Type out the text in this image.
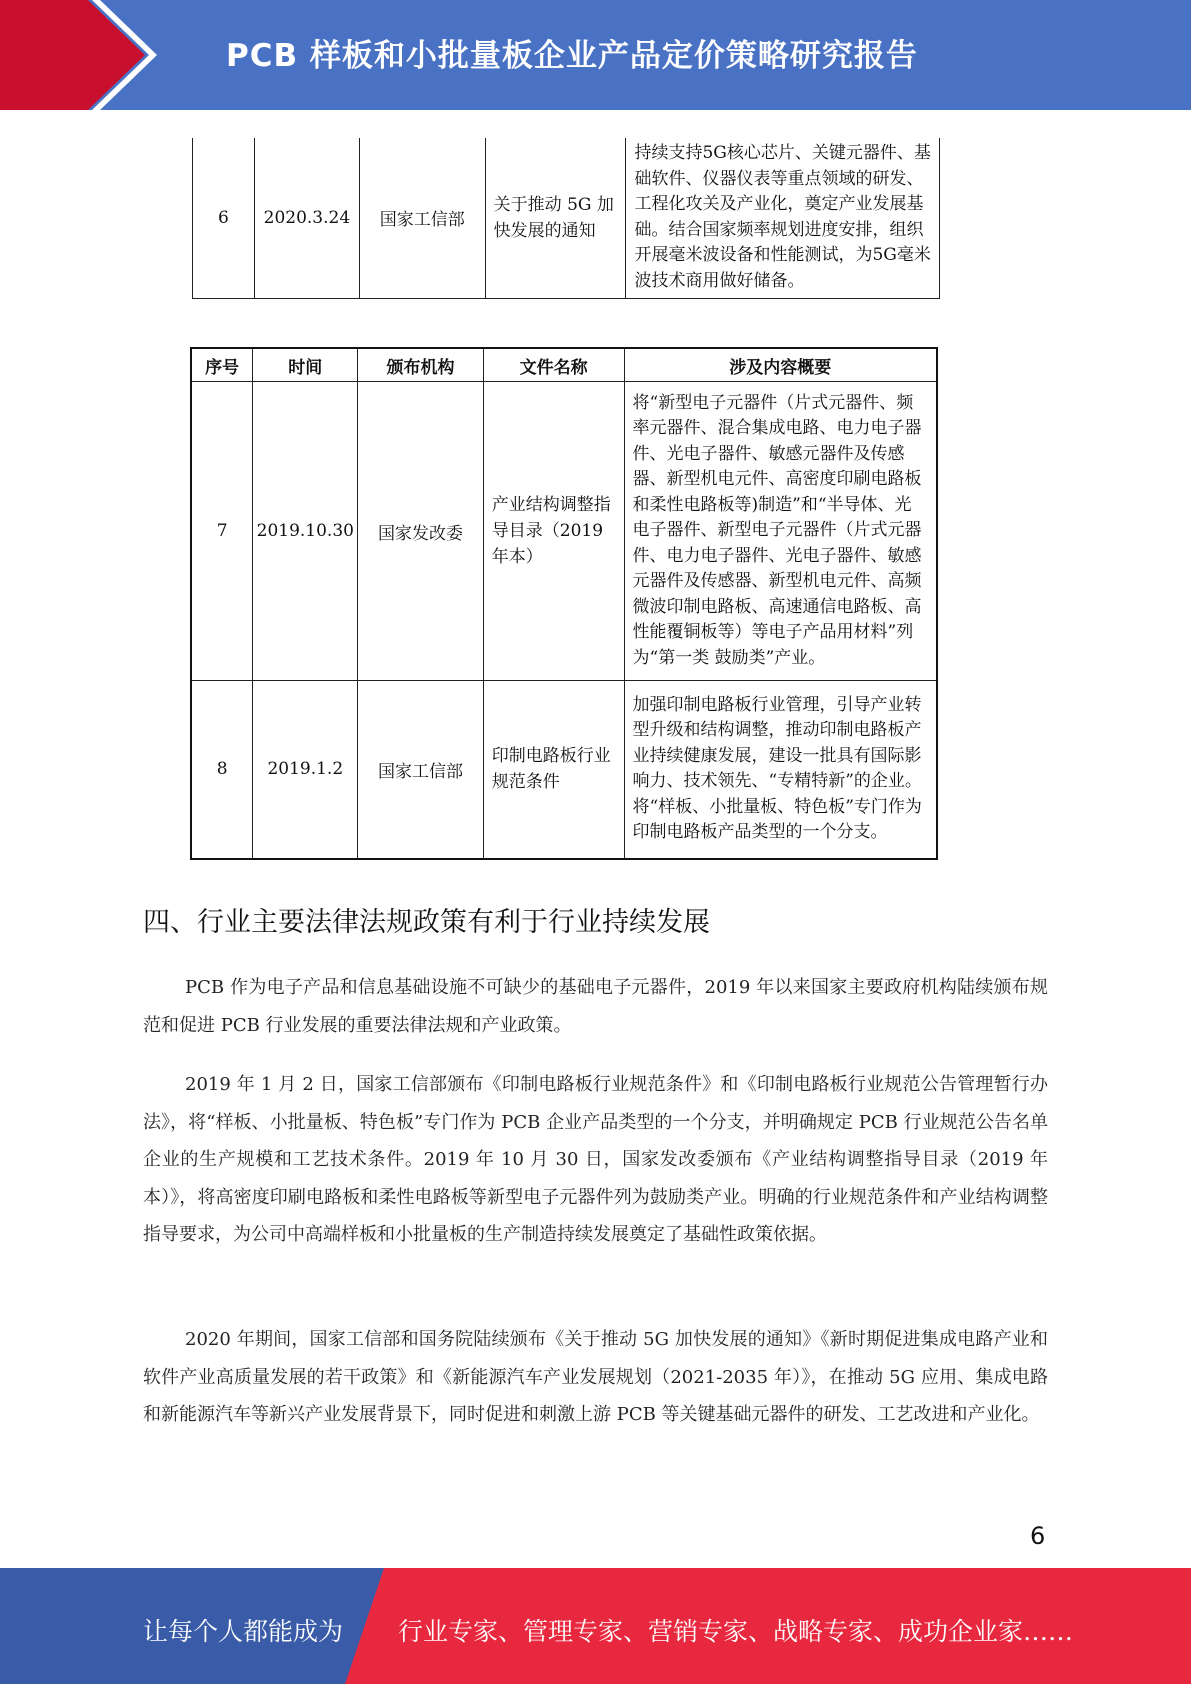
PCB 样板和小批量板企业产品定价策略研究报告
6	2020.3.24	国家工信部	关于推动 5G 加快发展的通知	持续支持5G核心芯片、关键元器件、基础软件、仪器仪表等重点领域的研发、工程化攻关及产业化，奠定产业发展基础。结合国家频率规划进度安排，组织开展毫米波设备和性能测试，为5G毫米波技术商用做好储备。
序号	时间	颁布机构	文件名称	涉及内容概要
7	2019.10.30	国家发改委	产业结构调整指导目录（2019 年本）	将“新型电子元器件（片式元器件、频率元器件、混合集成电路、电力电子器件、光电子器件、敏感元器件及传感器、新型机电元件、高密度印刷电路板和柔性电路板等)制造”和“半导体、光电子器件、新型电子元器件（片式元器件、电力电子器件、光电子器件、敏感元器件及传感器、新型机电元件、高频微波印制电路板、高速通信电路板、高性能覆铜板等）等电子产品用材料”列为“第一类 鼓励类”产业。
8	2019.1.2	国家工信部	印制电路板行业规范条件	加强印制电路板行业管理，引导产业转型升级和结构调整，推动印制电路板产业持续健康发展，建设一批具有国际影响力、技术领先、“专精特新”的企业。将“样板、小批量板、特色板”专门作为印制电路板产品类型的一个分支。
四、行业主要法律法规政策有利于行业持续发展

PCB 作为电子产品和信息基础设施不可缺少的基础电子元器件，2019 年以来国家主要政府机构陆续颁布规范和促进 PCB 行业发展的重要法律法规和产业政策。

2019 年 1 月 2 日，国家工信部颁布《印制电路板行业规范条件》和《印制电路板行业规范公告管理暂行办法》，将“样板、小批量板、特色板”专门作为 PCB 企业产品类型的一个分支，并明确规定 PCB 行业规范公告名单企业的生产规模和工艺技术条件。2019 年 10 月 30 日，国家发改委颁布《产业结构调整指导目录（2019 年本）》，将高密度印刷电路板和柔性电路板等新型电子元器件列为鼓励类产业。明确的行业规范条件和产业结构调整指导要求，为公司中高端样板和小批量板的生产制造持续发展奠定了基础性政策依据。

2020 年期间，国家工信部和国务院陆续颁布《关于推动 5G 加快发展的通知》《新时期促进集成电路产业和软件产业高质量发展的若干政策》和《新能源汽车产业发展规划（2021-2035 年）》，在推动 5G 应用、集成电路和新能源汽车等新兴产业发展背景下，同时促进和刺激上游 PCB 等关键基础元器件的研发、工艺改进和产业化。

6
让每个人都能成为 行业专家、管理专家、营销专家、战略专家、成功企业家……
